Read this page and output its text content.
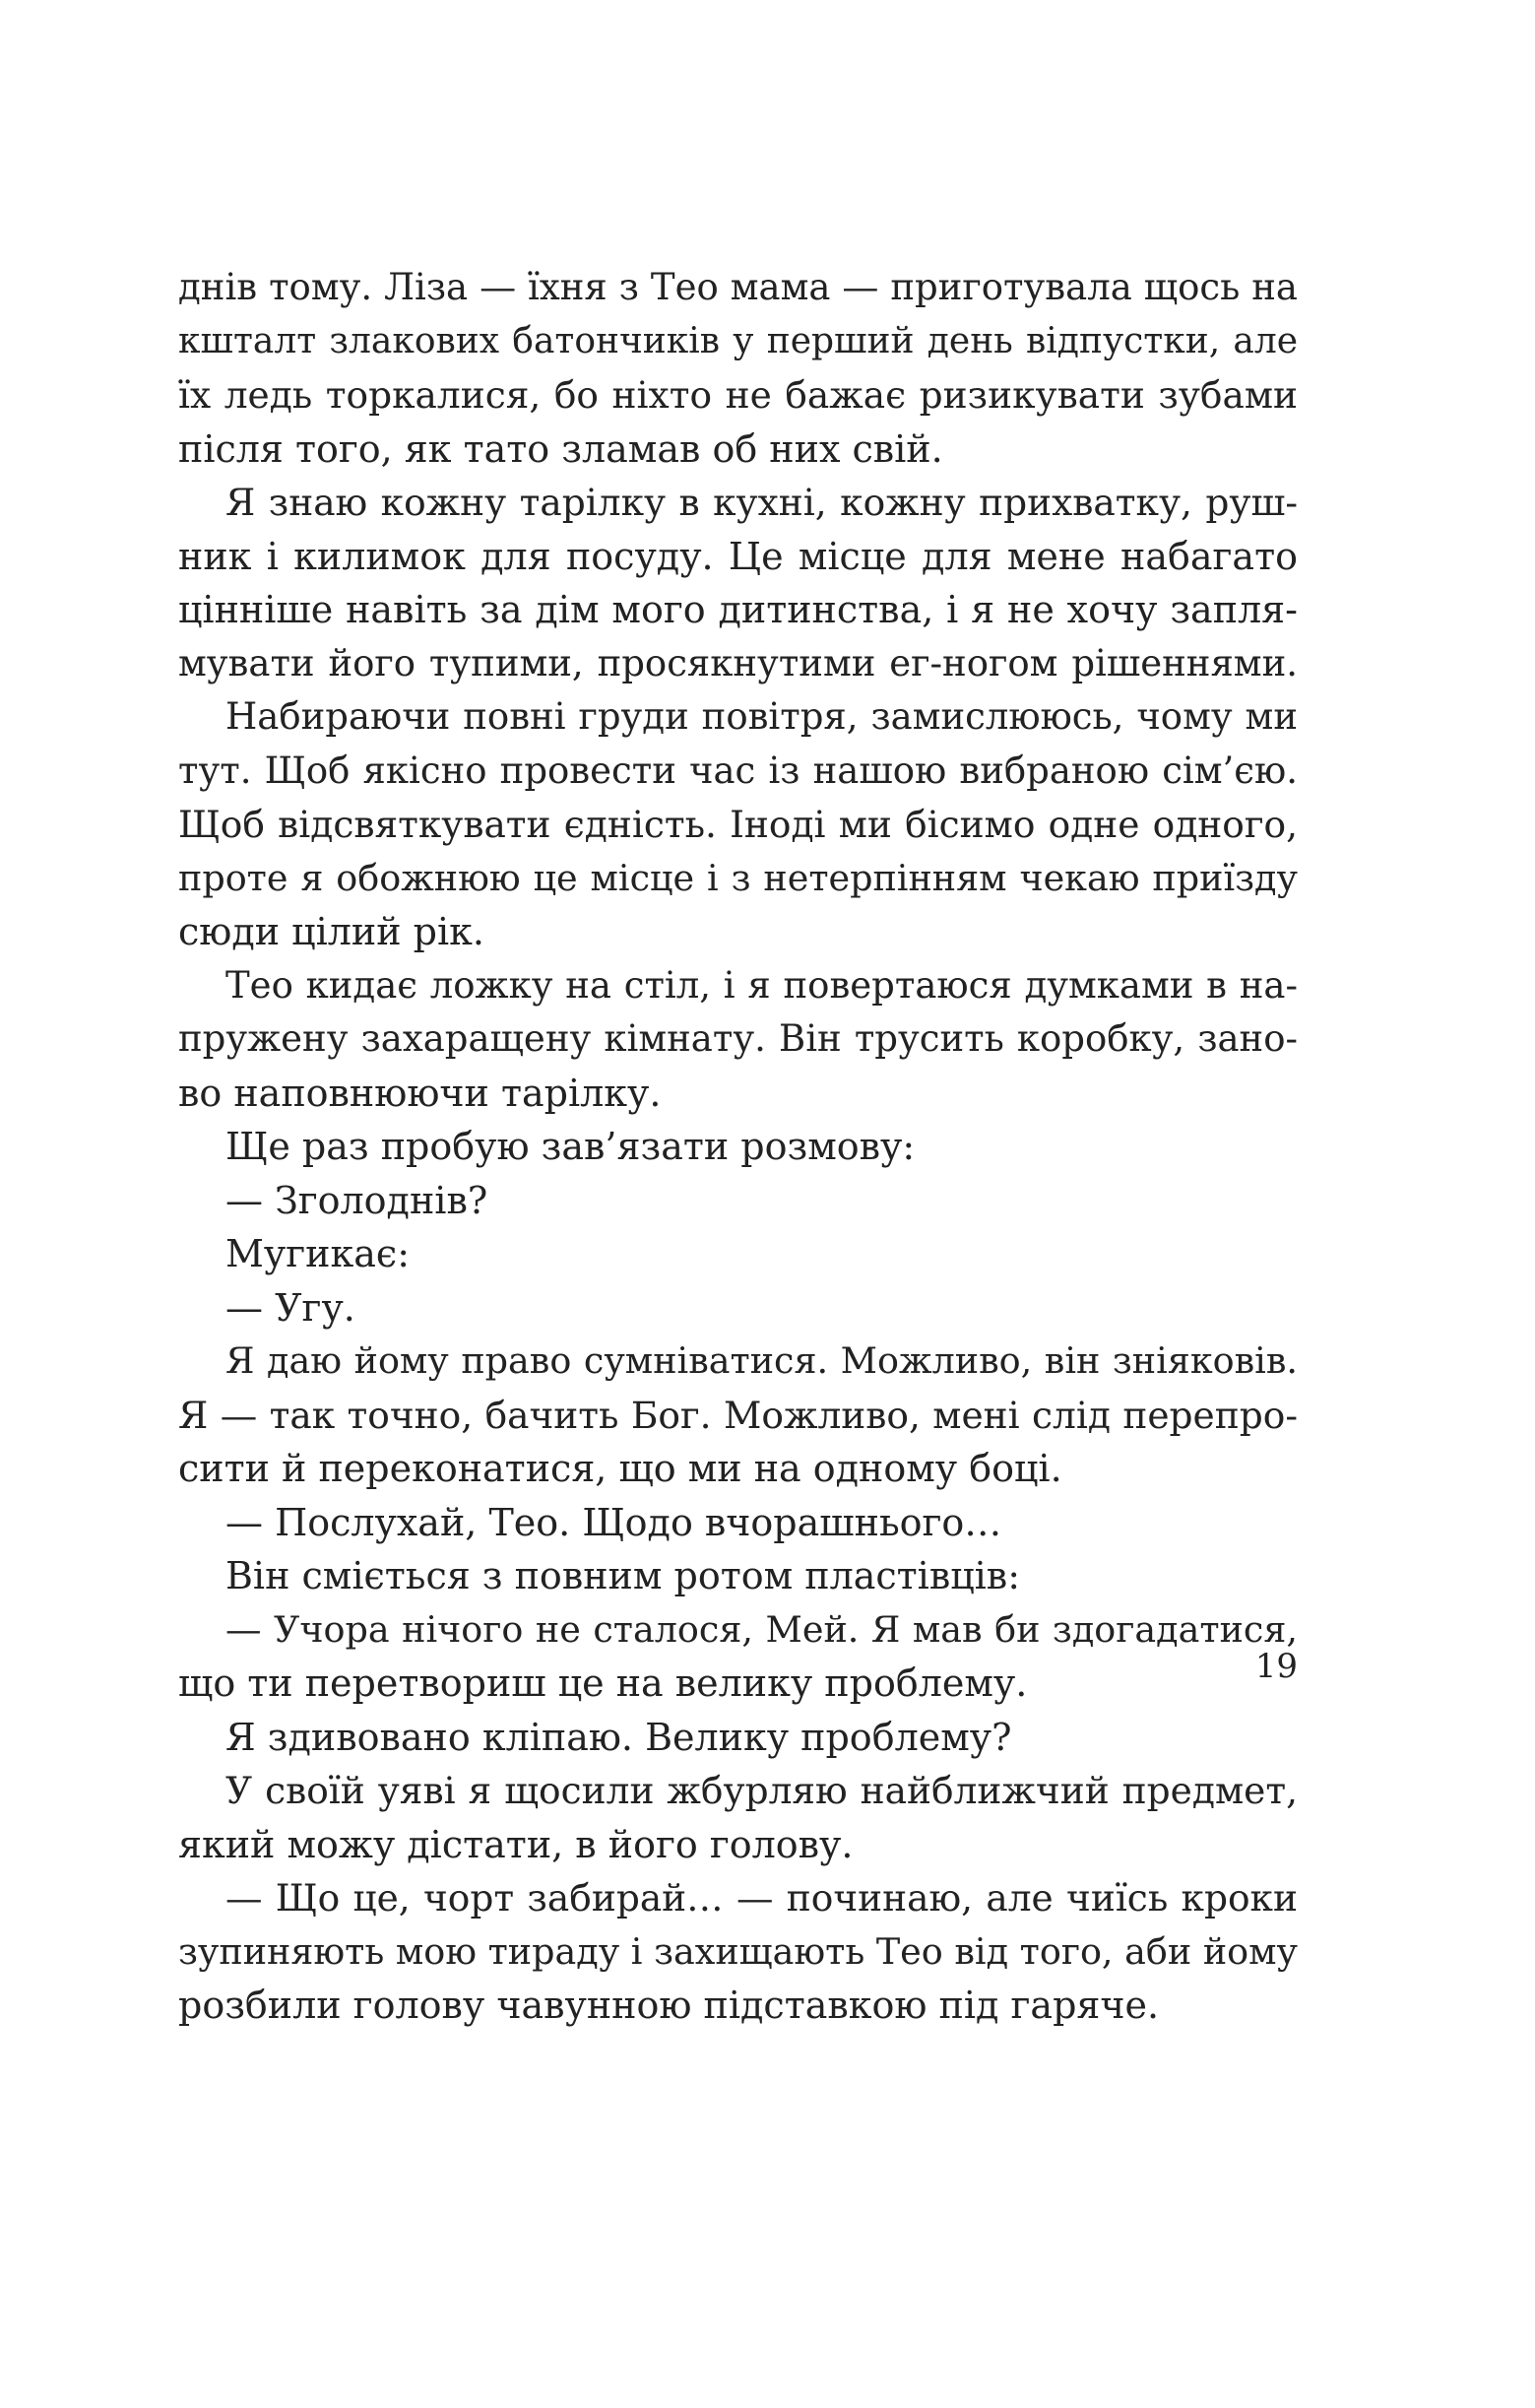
днів тому. Ліза — їхня з Тео мама — приготувала щось на
кшталт злакових батончиків у перший день відпустки, але
їх ледь торкалися, бо ніхто не бажає ризикувати зубами
після того, як тато зламав об них свій.
Я знаю кожну тарілку в кухні, кожну прихватку, руш-
ник і килимок для посуду. Це місце для мене набагато
цінніше навіть за дім мого дитинства, і я не хочу запля-
мувати його тупими, просякнутими ег-ногом рішеннями.
Набираючи повні груди повітря, замислююсь, чому ми
тут. Щоб якісно провести час із нашою вибраною сім’єю.
Щоб відсвяткувати єдність. Іноді ми бісимо одне одного,
проте я обожнюю це місце і з нетерпінням чекаю приїзду
сюди цілий рік.
Тео кидає ложку на стіл, і я повертаюся думками в на-
пружену захаращену кімнату. Він трусить коробку, зано-
во наповнюючи тарілку.
Ще раз пробую зав’язати розмову:
— Зголоднів?
Мугикає:
— Угу.
Я даю йому право сумніватися. Можливо, він зніяковів.
Я — так точно, бачить Бог. Можливо, мені слід перепро-
сити й переконатися, що ми на одному боці.
— Послухай, Тео. Щодо вчорашнього…
Він сміється з повним ротом пластівців:
— Учора нічого не сталося, Мей. Я мав би здогадатися,
що ти перетвориш це на велику проблему.
Я здивовано кліпаю. Велику проблему?
У своїй уяві я щосили жбурляю найближчий предмет,
який можу дістати, в його голову.
— Що це, чорт забирай… — починаю, але чиїсь кроки
зупиняють мою тираду і захищають Тео від того, аби йому
розбили голову чавунною підставкою під гаряче.
19
